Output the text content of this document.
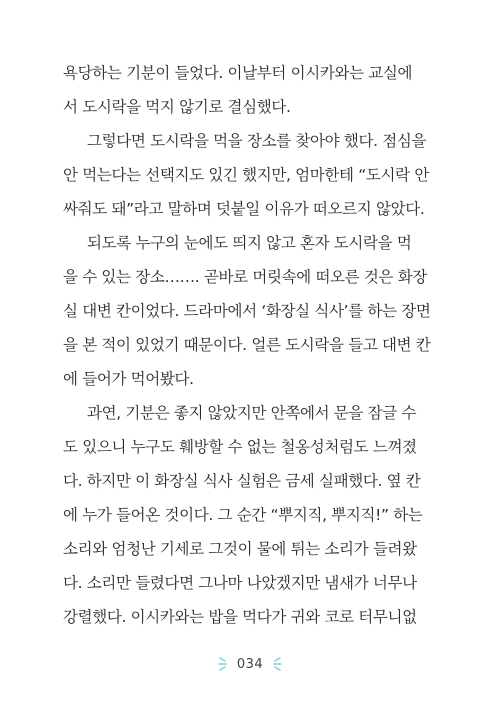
욕당하는 기분이 들었다. 이날부터 이시카와는 교실에
서 도시락을 먹지 않기로 결심했다.
그렇다면 도시락을 먹을 장소를 찾아야 했다. 점심을
안 먹는다는 선택지도 있긴 했지만, 엄마한테 “도시락 안
싸줘도 돼”라고 말하며 덧붙일 이유가 떠오르지 않았다.
되도록 누구의 눈에도 띄지 않고 혼자 도시락을 먹
을 수 있는 장소……. 곧바로 머릿속에 떠오른 것은 화장
실 대변 칸이었다. 드라마에서 ‘화장실 식사’를 하는 장면
을 본 적이 있었기 때문이다. 얼른 도시락을 들고 대변 칸
에 들어가 먹어봤다.
과연, 기분은 좋지 않았지만 안쪽에서 문을 잠글 수
도 있으니 누구도 훼방할 수 없는 철옹성처럼도 느껴졌
다. 하지만 이 화장실 식사 실험은 금세 실패했다. 옆 칸
에 누가 들어온 것이다. 그 순간 “뿌지직, 뿌지직!” 하는
소리와 엄청난 기세로 그것이 물에 튀는 소리가 들려왔
다. 소리만 들렸다면 그나마 나았겠지만 냄새가 너무나
강렬했다. 이시카와는 밥을 먹다가 귀와 코로 터무니없
034
